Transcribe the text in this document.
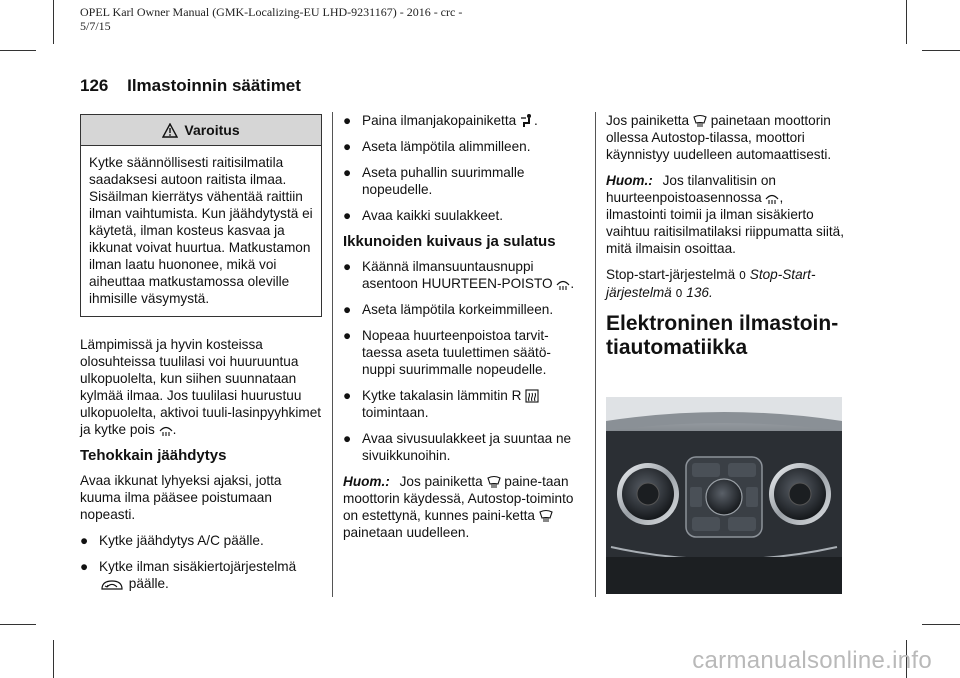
OPEL Karl Owner Manual (GMK-Localizing-EU LHD-9231167) - 2016 - crc -
5/7/15
126 Ilmastoinnin säätimet
Varoitus
Kytke säännöllisesti raitisilmatila saadaksesi autoon raitista ilmaa. Sisäilman kierrätys vähentää raittiin ilman vaihtumista. Kun jäähdytystä ei käytetä, ilman kosteus kasvaa ja ikkunat voivat huurtua. Matkustamon ilman laatu huononee, mikä voi aiheuttaa matkustamossa oleville ihmisille väsymystä.

Lämpimissä ja hyvin kosteissa olosuhteissa tuulilasi voi huuruuntua ulkopuolelta, kun siihen suunnataan kylmää ilmaa. Jos tuulilasi huurustuu ulkopuolelta, aktivoi tuuli-lasinpyyhkimet ja kytke pois .

Tehokkain jäähdytys

Avaa ikkunat lyhyeksi ajaksi, jotta kuuma ilma pääsee poistumaan nopeasti.

● Kytke jäähdytys A/C päälle.
● Kytke ilman sisäkiertojärjestelmä
päälle.
● Paina ilmanjakopainiketta .
● Aseta lämpötila alimmilleen.
● Aseta puhallin suurimmalle nopeudelle.
● Avaa kaikki suulakkeet.
Ikkunoiden kuivaus ja sulatus
● Käännä ilmansuuntausnuppi asentoon HUURTEEN-POISTO .
● Aseta lämpötila korkeimmilleen.
● Nopeaa huurteenpoistoa tarvit-taessa aseta tuulettimen säätö-nuppi suurimmalle nopeudelle.
● Kytke takalasin lämmitin R
toimintaan.
● Avaa sivusuulakkeet ja suuntaa ne sivuikkunoihin.

Huom.: Jos painiketta paine-taan moottorin käydessä, Autostop-toiminto on estettynä, kunnes paini-ketta  painetaan uudelleen.

Jos painiketta painetaan moottorin ollessa Autostop-tilassa, moottori käynnistyy uudelleen automaattisesti.

Huom.: Jos tilanvalitisin on huurteenpoistoasennossa , ilmastointi toimii ja ilman sisäkierto vaihtuu raitisilmatilaksi riippumatta siitä, mitä ilmaisin osoittaa.

Stop-start-järjestelmä 0 Stop-Start-järjestelmä 0 136.

Elektroninen ilmastoin-tiautomatiikka
carmanualsonline.info
